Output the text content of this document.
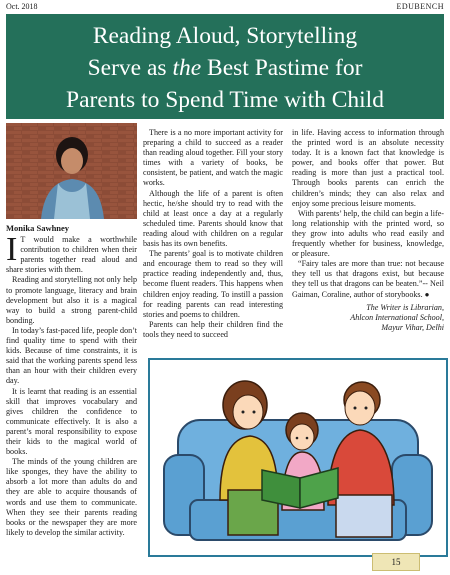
Oct. 2018	EDUBENCH
Reading Aloud, Storytelling
Serve as the Best Pastime for
Parents to Spend Time with Child
Monika Sawhney

I T would make a worthwhile contribution to children when their parents together read aloud and share stories with them.

Reading and storytelling not only help to promote language, literacy and brain development but also it is a magical way to build a strong parent-child bonding.

In today’s fast-paced life, people don’t find quality time to spend with their kids. Because of time constraints, it is said that the working parents spend less than an hour with their children every day.

It is learnt that reading is an essential skill that improves vocabulary and gives children the confidence to communicate effectively. It is also a parent’s moral responsibility to expose their kids to the magical world of books.

The minds of the young children are like sponges, they have the ability to absorb a lot more than adults do and they are able to acquire thousands of words and use them to communicate. When they see their parents reading books or the newspaper they are more likely to develop the similar activity.

There is a no more important activity for preparing a child to succeed as a reader than reading aloud together. Fill your story times with a variety of books, be consistent, be patient, and watch the magic works.

Although the life of a parent is often hectic, he/she should try to read with the child at least once a day at a regularly scheduled time. Parents should know that reading aloud with children on a regular basis has its own benefits.

The parents’ goal is to motivate children and encourage them to read so they will practice reading independently and, thus, become fluent readers. This happens when children enjoy reading. To instill a passion for reading parents can read interesting stories and poems to children.

Parents can help their children find the tools they need to succeed

in life. Having access to information through the printed word is an absolute necessity today. It is a known fact that knowledge is power, and books offer that power. But reading is more than just a practical tool. Through books parents can enrich the children’s minds; they can also relax and enjoy some precious leisure moments.

With parents’ help, the child can begin a life-long relationship with the printed word, so they grow into adults who read easily and frequently whether for business, knowledge, or pleasure.

“Fairy tales are more than true: not because they tell us that dragons exist, but because they tell us that dragons can be beaten.”-- Neil Gaiman, Coraline, author of storybooks. ●

The Writer is Librarian,
Ahlcon International School,
Mayur Vihar, Delhi
15
